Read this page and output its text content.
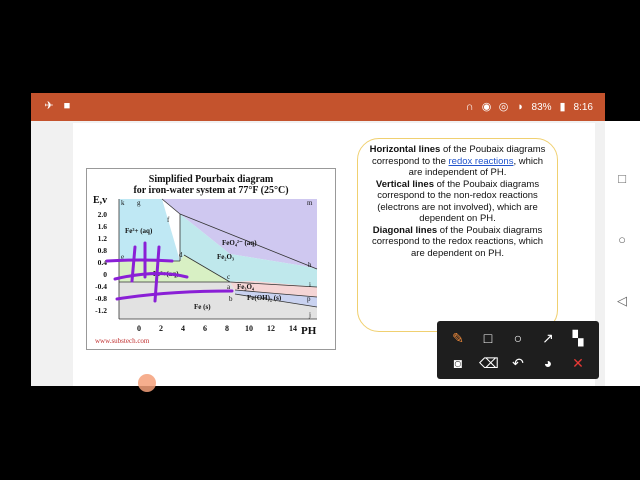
✈ ■	∩ ◉ ◎ ◗ 83% ▮ 8:16
Simplified Pourbaix diagram
for iron-water system at 77°F (25°C)
E,v
2.0
1.6
1.2
0.8
0.4
0
-0.4
-0.8
-1.2
0 2 4 6 8 10 12 14 PH
Fe³+ (aq)
FeO₄²⁻ (aq)
Fe₂O₃
Fe²+(aq)
Fe₃O₄
Fe(OH)₂ (s)
Fe (s)
k g
f
m
e	d
h
c
i
a
b	p
j
www.substech.com

Horizontal lines of the Poubaix diagrams correspond to the redox reactions, which are independent of PH.

Vertical lines of the Poubaix diagrams correspond to the non-redox reactions (electrons are not involved), which are dependent on PH.

Diagonal lines of the Poubaix diagrams correspond to the redox reactions, which are dependent on PH.

□
○
◁
✎	□	○	↗ ▚
◙	⌫ ↶	◕	✕
